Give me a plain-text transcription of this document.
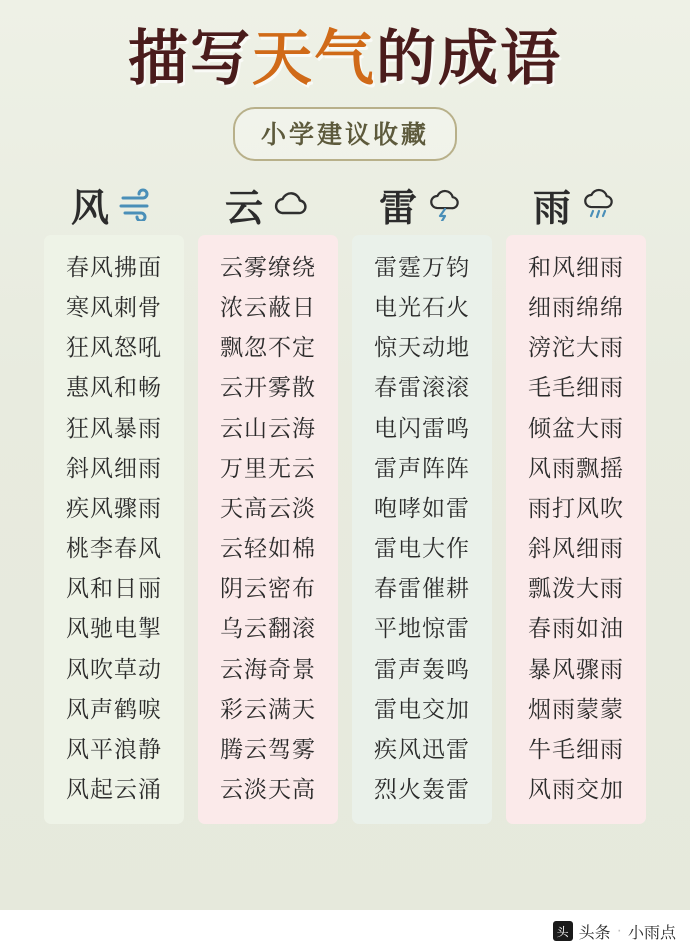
描写天气的成语
小学建议收藏
风
春风拂面
寒风刺骨
狂风怒吼
惠风和畅
狂风暴雨
斜风细雨
疾风骤雨
桃李春风
风和日丽
风驰电掣
风吹草动
风声鹤唳
风平浪静
风起云涌
云
云雾缭绕
浓云蔽日
飘忽不定
云开雾散
云山云海
万里无云
天高云淡
云轻如棉
阴云密布
乌云翻滚
云海奇景
彩云满天
腾云驾雾
云淡天高
雷
雷霆万钧
电光石火
惊天动地
春雷滚滚
电闪雷鸣
雷声阵阵
咆哮如雷
雷电大作
春雷催耕
平地惊雷
雷声轰鸣
雷电交加
疾风迅雷
烈火轰雷
雨
和风细雨
细雨绵绵
滂沱大雨
毛毛细雨
倾盆大雨
风雨飘摇
雨打风吹
斜风细雨
瓢泼大雨
春雨如油
暴风骤雨
烟雨蒙蒙
牛毛细雨
风雨交加
头 头条 · 小雨点
